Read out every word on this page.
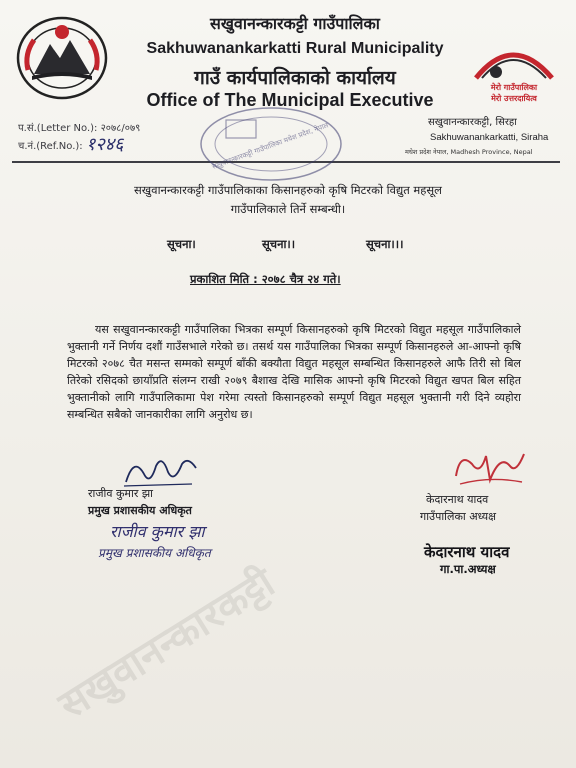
सखुवानन्कारकट्टी गाउँपालिका
Sakhuwanankarkatti Rural Municipality
गाउँ कार्यपालिकाको कार्यालय
Office of The Municipal Executive
मेरो गाउँपालिका
मेरो उत्तरदायित्व
प.सं.(Letter No.): २०७८/०७९
च.नं.(Ref.No.): १२४६
सखुवानन्कारकट्टी, सिरहा
Sakhuwanankarkatti, Siraha
मधेश प्रदेश नेपाल, Madhesh Province, Nepal
सखुवानन्कारकट्टी गाउँपालिका मधेश प्रदेश, नेपाल
सखुवानन्कारकट्टी गाउँपालिकाका किसानहरुको कृषि मिटरको विद्युत महसूल गाउँपालिकाले तिर्ने सम्बन्धी।
सूचना।	सूचना।।	सूचना।।।
प्रकाशित मिति : २०७८ चैत्र २४ गते।

यस सखुवानन्कारकट्टी गाउँपालिका भित्रका सम्पूर्ण किसानहरुको कृषि मिटरको विद्युत महसूल गाउँपालिकाले भुक्तानी गर्ने निर्णय दशौं गाउँसभाले गरेको छ। तसर्थ यस गाउँपालिका भित्रका सम्पूर्ण किसानहरुले आ-आफ्नो कृषि मिटरको २०७८ चैत मसन्त सम्मको सम्पूर्ण बाँकी बक्यौता विद्युत महसूल सम्बन्धित किसानहरुले आफै तिरी सो बिल तिरेको रसिदको छायाँप्रति संलग्न राखी २०७९ बैशाख देखि मासिक आफ्नो कृषि मिटरको विद्युत खपत बिल सहित भुक्तानीको लागि गाउँपालिकामा पेश गरेमा त्यस्तो किसानहरुको सम्पूर्ण विद्युत महसूल भुक्तानी गरी दिने व्यहोरा सम्बन्धित सबैको जानकारीका लागि अनुरोध छ।

राजीव कुमार झा
प्रमुख प्रशासकीय अधिकृत
राजीव कुमार झा
प्रमुख प्रशासकीय अधिकृत
केदारनाथ यादव
गाउँपालिका अध्यक्ष
केदारनाथ यादव
गा.पा.अध्यक्ष
सखुवानन्कारकट्टी
